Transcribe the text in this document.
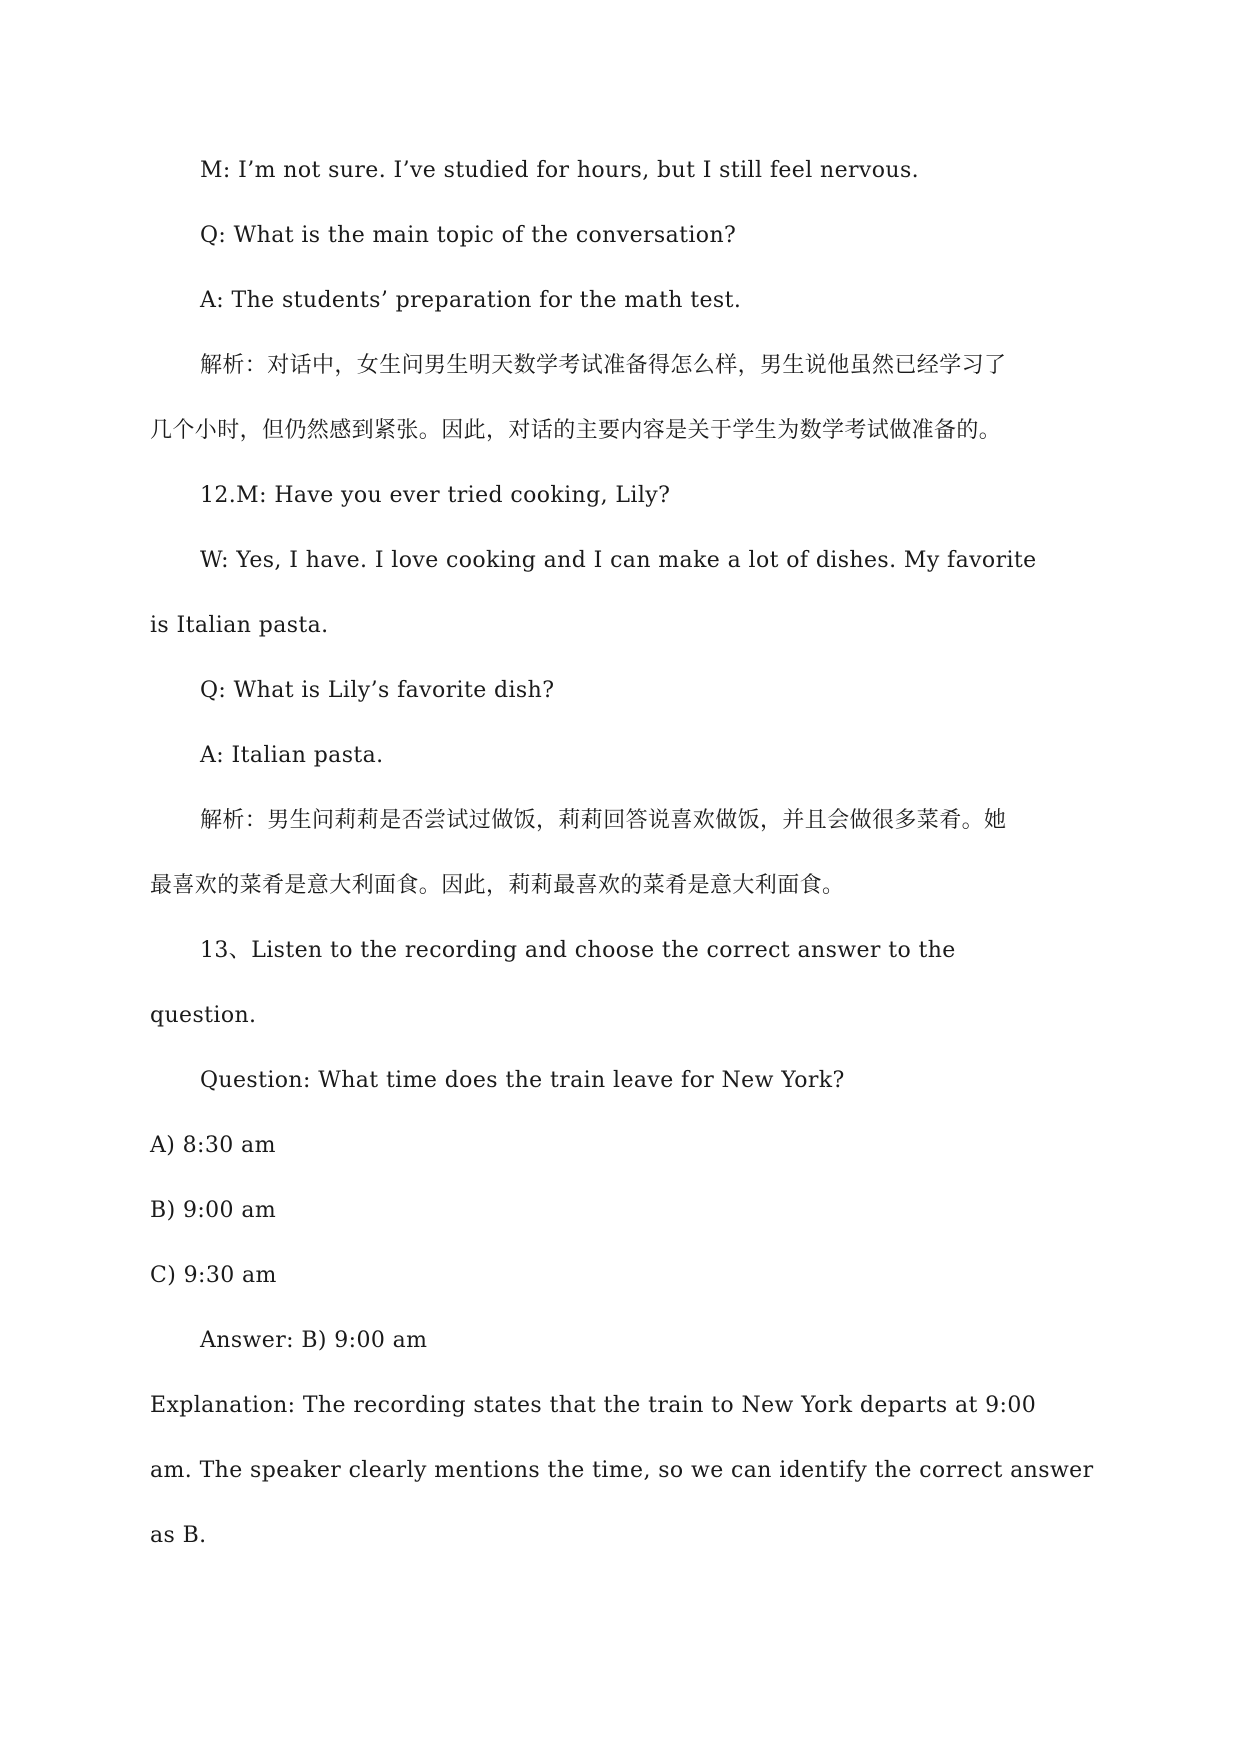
M: I’m not sure. I’ve studied for hours, but I still feel nervous.
Q: What is the main topic of the conversation?
A: The students’ preparation for the math test.
解析：对话中，女生问男生明天数学考试准备得怎么样，男生说他虽然已经学习了
几个小时，但仍然感到紧张。因此，对话的主要内容是关于学生为数学考试做准备的。
12.M: Have you ever tried cooking, Lily?
W: Yes, I have. I love cooking and I can make a lot of dishes. My favorite
is Italian pasta.
Q: What is Lily’s favorite dish?
A: Italian pasta.
解析：男生问莉莉是否尝试过做饭，莉莉回答说喜欢做饭，并且会做很多菜肴。她
最喜欢的菜肴是意大利面食。因此，莉莉最喜欢的菜肴是意大利面食。
13、Listen to the recording and choose the correct answer to the
question.
Question: What time does the train leave for New York?
A) 8:30 am
B) 9:00 am
C) 9:30 am
Answer: B) 9:00 am
Explanation: The recording states that the train to New York departs at 9:00
am. The speaker clearly mentions the time, so we can identify the correct answer
as B.
